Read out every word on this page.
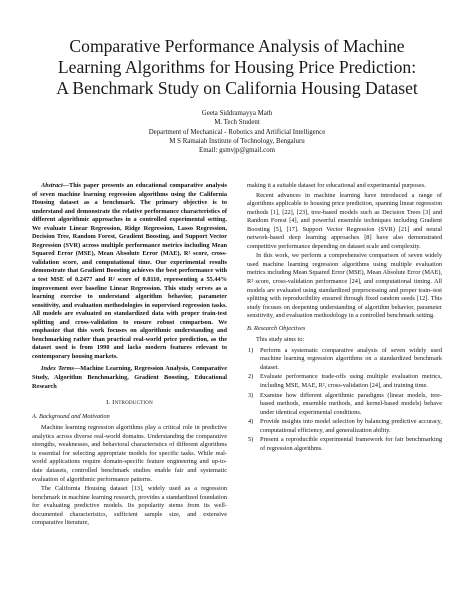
Comparative Performance Analysis of Machine
Learning Algorithms for Housing Price Prediction:
A Benchmark Study on California Housing Dataset
Geeta Siddramayya Math
M. Tech Student
Department of Mechanical - Robotics and Artificial Intelligence
M S Ramaiah Institute of Technology, Bengaluru
Email: gsmvjp@gmail.com
Abstract—This paper presents an educational comparative analysis of seven machine learning regression algorithms using the California Housing dataset as a benchmark. The primary objective is to understand and demonstrate the relative performance characteristics of different algorithmic approaches in a controlled experimental setting. We evaluate Linear Regression, Ridge Regression, Lasso Regression, Decision Tree, Random Forest, Gradient Boosting, and Support Vector Regression (SVR) across multiple performance metrics including Mean Squared Error (MSE), Mean Absolute Error (MAE), R² score, cross-validation score, and computational time. Our experimental results demonstrate that Gradient Boosting achieves the best performance with a test MSE of 0.2477 and R² score of 0.8110, representing a 55.44% improvement over baseline Linear Regression. This study serves as a learning exercise to understand algorithm behavior, parameter sensitivity, and evaluation methodologies in supervised regression tasks. All models are evaluated on standardized data with proper train-test splitting and cross-validation to ensure robust comparison. We emphasize that this work focuses on algorithmic understanding and benchmarking rather than practical real-world price prediction, as the dataset used is from 1990 and lacks modern features relevant to contemporary housing markets.
Index Terms—Machine Learning, Regression Analysis, Comparative Study, Algorithm Benchmarking, Gradient Boosting, Educational Research
I. Introduction
A. Background and Motivation
Machine learning regression algorithms play a critical role in predictive analytics across diverse real-world domains. Understanding the comparative strengths, weaknesses, and behavioral characteristics of different algorithms is essential for selecting appropriate models for specific tasks. While real-world applications require domain-specific feature engineering and up-to-date datasets, controlled benchmark studies enable fair and systematic evaluation of algorithmic performance patterns.
The California Housing dataset [13], widely used as a regression benchmark in machine learning research, provides a standardized foundation for evaluating predictive models. Its popularity stems from its well-documented characteristics, sufficient sample size, and extensive comparative literature,
making it a suitable dataset for educational and experimental purposes.
Recent advances in machine learning have introduced a range of algorithms applicable to housing price prediction, spanning linear regression methods [1], [22], [23], tree-based models such as Decision Trees [3] and Random Forest [4], and powerful ensemble techniques including Gradient Boosting [5], [17]. Support Vector Regression (SVR) [21] and neural network-based deep learning approaches [8] have also demonstrated competitive performance depending on dataset scale and complexity.
In this work, we perform a comprehensive comparison of seven widely used machine learning regression algorithms using multiple evaluation metrics including Mean Squared Error (MSE), Mean Absolute Error (MAE), R² score, cross-validation performance [24], and computational timing. All models are evaluated using standardized preprocessing and proper train–test splitting with reproducibility ensured through fixed random seeds [12]. This study focuses on deepening understanding of algorithm behavior, parameter sensitivity, and evaluation methodology in a controlled benchmark setting.
B. Research Objectives
This study aims to:
1) Perform a systematic comparative analysis of seven widely used machine learning regression algorithms on a standardized benchmark dataset.
2) Evaluate performance trade-offs using multiple evaluation metrics, including MSE, MAE, R², cross-validation [24], and training time.
3) Examine how different algorithmic paradigms (linear models, tree-based methods, ensemble methods, and kernel-based models) behave under identical experimental conditions.
4) Provide insights into model selection by balancing predictive accuracy, computational efficiency, and generalization ability.
5) Present a reproducible experimental framework for fair benchmarking of regression algorithms.
